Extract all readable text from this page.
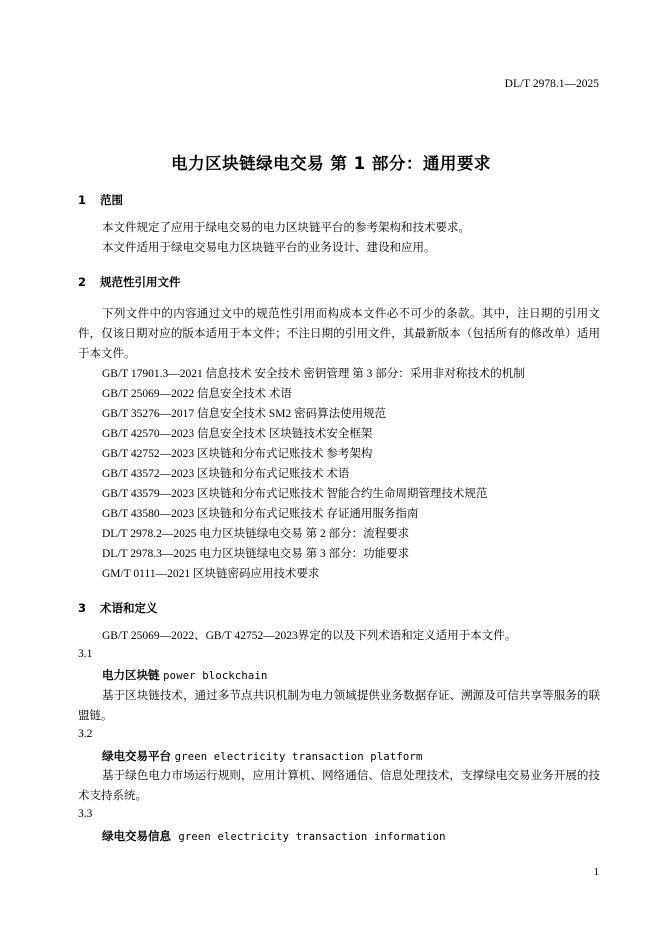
DL/T 2978.1—2025
电力区块链绿电交易 第 1 部分：通用要求
1 范围
本文件规定了应用于绿电交易的电力区块链平台的参考架构和技术要求。
本文件适用于绿电交易电力区块链平台的业务设计、建设和应用。
2 规范性引用文件
下列文件中的内容通过文中的规范性引用而构成本文件必不可少的条款。其中，注日期的引用文件，仅该日期对应的版本适用于本文件；不注日期的引用文件，其最新版本（包括所有的修改单）适用于本文件。
GB/T 17901.3—2021 信息技术 安全技术 密钥管理 第 3 部分：采用非对称技术的机制
GB/T 25069—2022 信息安全技术 术语
GB/T 35276—2017 信息安全技术 SM2 密码算法使用规范
GB/T 42570—2023 信息安全技术 区块链技术安全框架
GB/T 42752—2023 区块链和分布式记账技术 参考架构
GB/T 43572—2023 区块链和分布式记账技术 术语
GB/T 43579—2023 区块链和分布式记账技术 智能合约生命周期管理技术规范
GB/T 43580—2023 区块链和分布式记账技术 存证通用服务指南
DL/T 2978.2—2025 电力区块链绿电交易 第 2 部分：流程要求
DL/T 2978.3—2025 电力区块链绿电交易 第 3 部分：功能要求
GM/T 0111—2021 区块链密码应用技术要求
3 术语和定义
GB/T 25069—2022、GB/T 42752—2023界定的以及下列术语和定义适用于本文件。
3.1
电力区块链 power blockchain
基于区块链技术，通过多节点共识机制为电力领域提供业务数据存证、溯源及可信共享等服务的联盟链。
3.2
绿电交易平台 green electricity transaction platform
基于绿色电力市场运行规则，应用计算机、网络通信、信息处理技术，支撑绿电交易业务开展的技术支持系统。
3.3
绿电交易信息 green electricity transaction information
1
